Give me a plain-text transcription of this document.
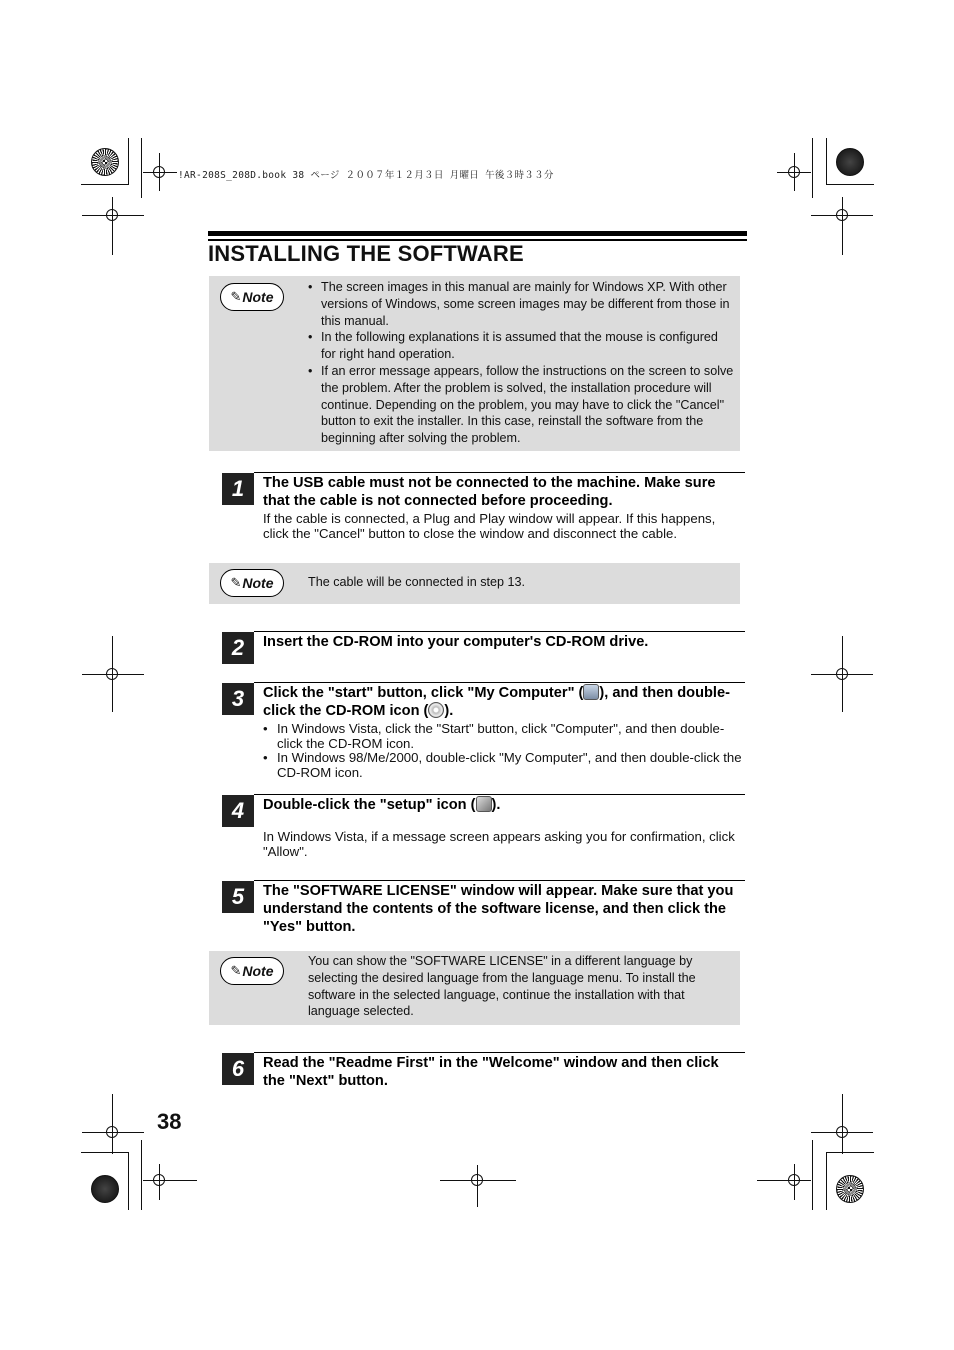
!AR-208S_208D.book 38 ページ ２００７年１２月３日 月曜日 午後３時３３分
INSTALLING THE SOFTWARE
✎ Note
• The screen images in this manual are mainly for Windows XP. With other versions of Windows, some screen images may be different from those in this manual.
• In the following explanations it is assumed that the mouse is configured for right hand operation.
• If an error message appears, follow the instructions on the screen to solve the problem. After the problem is solved, the installation procedure will continue. Depending on the problem, you may have to click the "Cancel" button to exit the installer. In this case, reinstall the software from the beginning after solving the problem.
1	The USB cable must not be connected to the machine. Make sure that the cable is not connected before proceeding.
If the cable is connected, a Plug and Play window will appear. If this happens, click the "Cancel" button to close the window and disconnect the cable.
✎ Note	The cable will be connected in step 13.
2	Insert the CD-ROM into your computer's CD-ROM drive.
3	Click the "start" button, click "My Computer" ( ), and then double-click the CD-ROM icon ( ).
• In Windows Vista, click the "Start" button, click "Computer", and then double-click the CD-ROM icon.
• In Windows 98/Me/2000, double-click "My Computer", and then double-click the CD-ROM icon.
4	Double-click the "setup" icon ( ).
In Windows Vista, if a message screen appears asking you for confirmation, click "Allow".
5	The "SOFTWARE LICENSE" window will appear. Make sure that you understand the contents of the software license, and then click the "Yes" button.
✎ Note
You can show the "SOFTWARE LICENSE" in a different language by selecting the desired language from the language menu. To install the software in the selected language, continue the installation with that language selected.
6	Read the "Readme First" in the "Welcome" window and then click the "Next" button.
38
